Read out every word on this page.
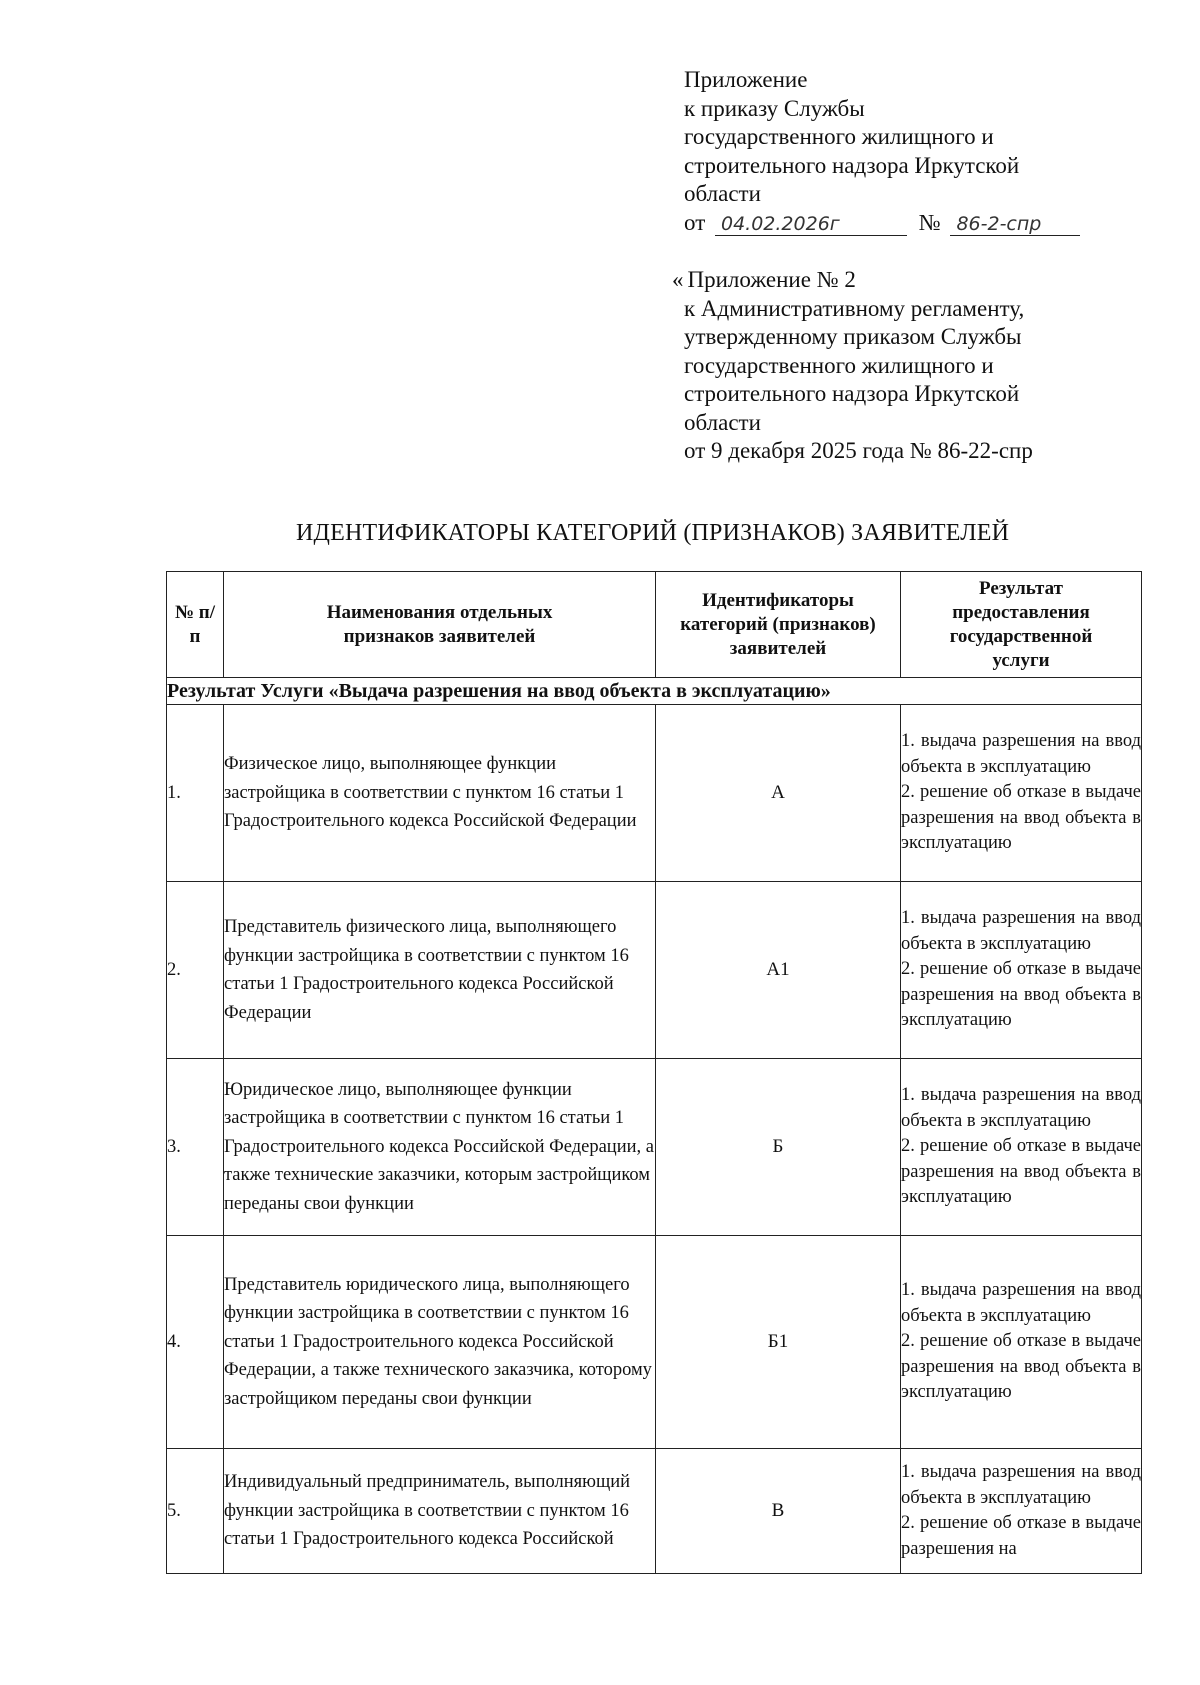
Приложение
к приказу Службы
государственного жилищного и
строительного надзора Иркутской
области
от 04.02.2026г	№ 86-2-спр
« Приложение № 2
к Административному регламенту,
утвержденному приказом Службы
государственного жилищного и
строительного надзора Иркутской
области
от 9 декабря 2025 года № 86-22-спр
ИДЕНТИФИКАТОРЫ КАТЕГОРИЙ (ПРИЗНАКОВ) ЗАЯВИТЕЛЕЙ
№ п/п	Наименования отдельных признаков заявителей	Идентификаторы категорий (признаков) заявителей	Результат предоставления государственной услуги
Результат Услуги «Выдача разрешения на ввод объекта в эксплуатацию»			
1.	Физическое лицо, выполняющее функции застройщика в соответствии с пунктом 16 статьи 1 Градостроительного кодекса Российской Федерации	А	1. выдача разрешения на ввод объекта в эксплуатацию
2. решение об отказе в выдаче разрешения на ввод объекта в эксплуатацию

2.	Представитель физического лица, выполняющего функции застройщика в соответствии с пунктом 16 статьи 1 Градостроительного кодекса Российской Федерации	А1	1. выдача разрешения на ввод объекта в эксплуатацию
2. решение об отказе в выдаче разрешения на ввод объекта в эксплуатацию

3.	Юридическое лицо, выполняющее функции застройщика в соответствии с пунктом 16 статьи 1 Градостроительного кодекса Российской Федерации, а также технические заказчики, которым застройщиком переданы свои функции	Б	1. выдача разрешения на ввод объекта в эксплуатацию
2. решение об отказе в выдаче разрешения на ввод объекта в эксплуатацию

4.	Представитель юридического лица, выполняющего функции застройщика в соответствии с пунктом 16 статьи 1 Градостроительного кодекса Российской Федерации, а также технического заказчика, которому застройщиком переданы свои функции	Б1	1. выдача разрешения на ввод объекта в эксплуатацию
2. решение об отказе в выдаче разрешения на ввод объекта в эксплуатацию

5.	Индивидуальный предприниматель, выполняющий функции застройщика в соответствии с пунктом 16 статьи 1 Градостроительного кодекса Российской	В	1. выдача разрешения на ввод объекта в эксплуатацию
2. решение об отказе в выдаче разрешения на
